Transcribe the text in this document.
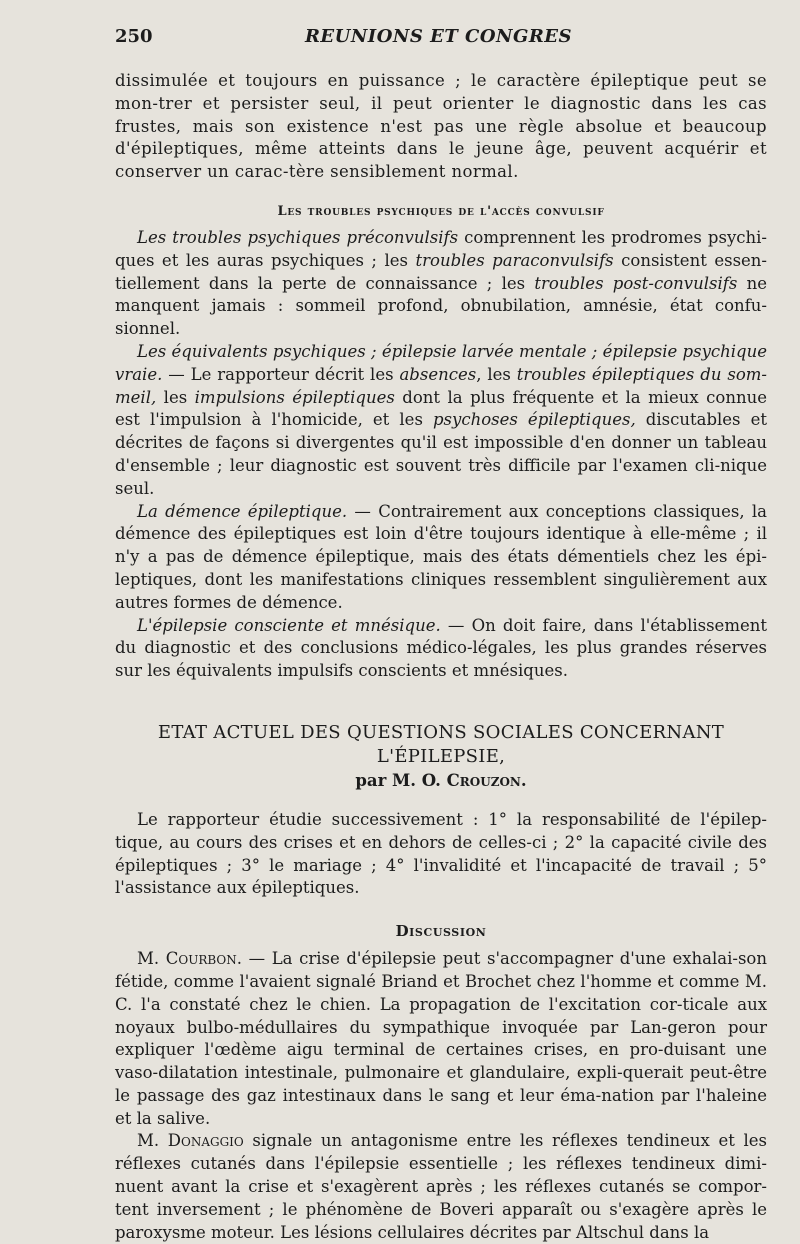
250	REUNIONS ET CONGRES

dissimulée et toujours en puissance ; le caractère épileptique peut se mon-trer et persister seul, il peut orienter le diagnostic dans les cas frustes, mais son existence n'est pas une règle absolue et beaucoup d'épileptiques, même atteints dans le jeune âge, peuvent acquérir et conserver un carac-tère sensiblement normal.

Les troubles psychiques de l'accès convulsif

Les troubles psychiques préconvulsifs comprennent les prodromes psychi-ques et les auras psychiques ; les troubles paraconvulsifs consistent essen-tiellement dans la perte de connaissance ; les troubles post-convulsifs ne manquent jamais : sommeil profond, obnubilation, amnésie, état confu-sionnel.

Les équivalents psychiques ; épilepsie larvée mentale ; épilepsie psychique vraie. — Le rapporteur décrit les absences, les troubles épileptiques du som-meil, les impulsions épileptiques dont la plus fréquente et la mieux connue est l'impulsion à l'homicide, et les psychoses épileptiques, discutables et décrites de façons si divergentes qu'il est impossible d'en donner un tableau d'ensemble ; leur diagnostic est souvent très difficile par l'examen cli-nique seul.

La démence épileptique. — Contrairement aux conceptions classiques, la démence des épileptiques est loin d'être toujours identique à elle-même ; il n'y a pas de démence épileptique, mais des états démentiels chez les épi-leptiques, dont les manifestations cliniques ressemblent singulièrement aux autres formes de démence.

L'épilepsie consciente et mnésique. — On doit faire, dans l'établissement du diagnostic et des conclusions médico-légales, les plus grandes réserves sur les équivalents impulsifs conscients et mnésiques.

ETAT ACTUEL DES QUESTIONS SOCIALES CONCERNANT L'ÉPILEPSIE,
par M. O. Crouzon.

Le rapporteur étudie successivement : 1° la responsabilité de l'épilep-tique, au cours des crises et en dehors de celles-ci ; 2° la capacité civile des épileptiques ; 3° le mariage ; 4° l'invalidité et l'incapacité de travail ; 5° l'assistance aux épileptiques.

Discussion

M. Courbon. — La crise d'épilepsie peut s'accompagner d'une exhalai-son fétide, comme l'avaient signalé Briand et Brochet chez l'homme et comme M. C. l'a constaté chez le chien. La propagation de l'excitation cor-ticale aux noyaux bulbo-médullaires du sympathique invoquée par Lan-geron pour expliquer l'œdème aigu terminal de certaines crises, en pro-duisant une vaso-dilatation intestinale, pulmonaire et glandulaire, expli-querait peut-être le passage des gaz intestinaux dans le sang et leur éma-nation par l'haleine et la salive.

M. Donaggio signale un antagonisme entre les réflexes tendineux et les réflexes cutanés dans l'épilepsie essentielle ; les réflexes tendineux dimi-nuent avant la crise et s'exagèrent après ; les réflexes cutanés se compor-tent inversement ; le phénomène de Boveri apparaît ou s'exagère après le paroxysme moteur. Les lésions cellulaires décrites par Altschul dans la
